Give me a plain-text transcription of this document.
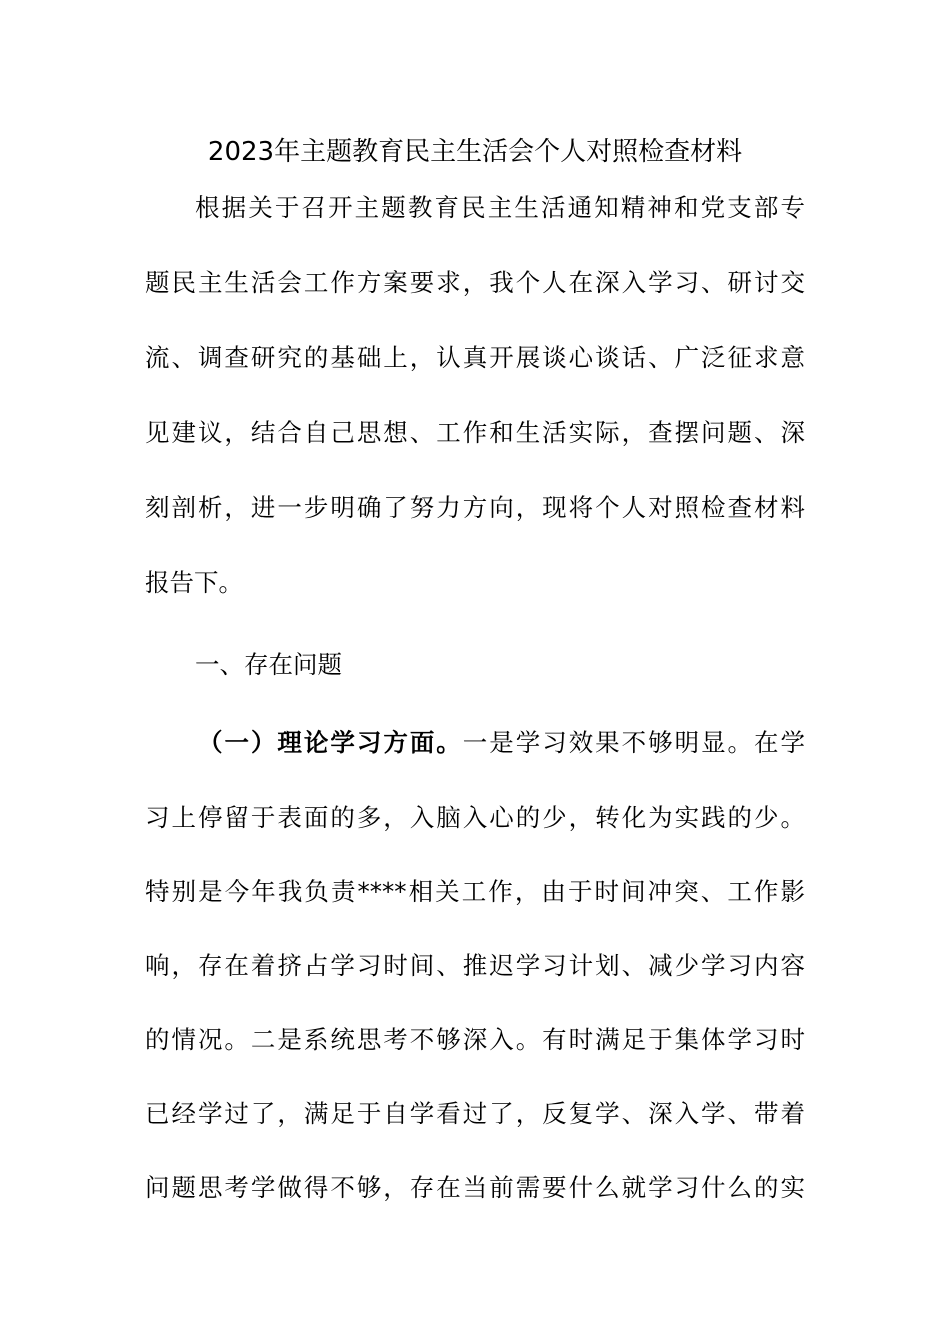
2023年主题教育民主生活会个人对照检查材料
根据关于召开主题教育民主生活通知精神和党支部专
题民主生活会工作方案要求，我个人在深入学习、研讨交
流、调查研究的基础上，认真开展谈心谈话、广泛征求意
见建议，结合自己思想、工作和生活实际，查摆问题、深
刻剖析，进一步明确了努力方向，现将个人对照检查材料
报告下。
一、存在问题
（一）理论学习方面。一是学习效果不够明显。在学
习上停留于表面的多，入脑入心的少，转化为实践的少。
特别是今年我负责****相关工作，由于时间冲突、工作影
响，存在着挤占学习时间、推迟学习计划、减少学习内容
的情况。二是系统思考不够深入。有时满足于集体学习时
已经学过了，满足于自学看过了，反复学、深入学、带着
问题思考学做得不够，存在当前需要什么就学习什么的实
